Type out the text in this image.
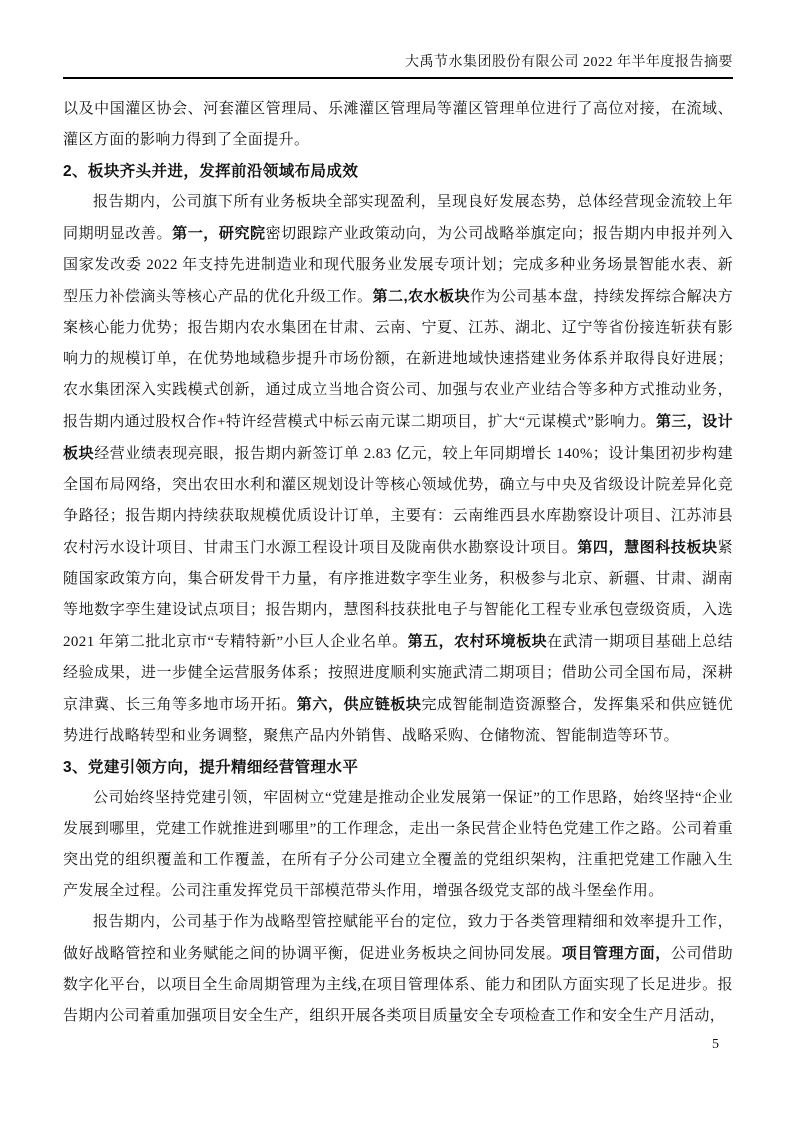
大禹节水集团股份有限公司 2022 年半年度报告摘要

以及中国灌区协会、河套灌区管理局、乐滩灌区管理局等灌区管理单位进行了高位对接，在流域、灌区方面的影响力得到了全面提升。

2、板块齐头并进，发挥前沿领域布局成效

报告期内，公司旗下所有业务板块全部实现盈利，呈现良好发展态势，总体经营现金流较上年同期明显改善。第一，研究院密切跟踪产业政策动向，为公司战略举旗定向；报告期内申报并列入国家发改委 2022 年支持先进制造业和现代服务业发展专项计划；完成多种业务场景智能水表、新型压力补偿滴头等核心产品的优化升级工作。第二,农水板块作为公司基本盘，持续发挥综合解决方案核心能力优势；报告期内农水集团在甘肃、云南、宁夏、江苏、湖北、辽宁等省份接连斩获有影响力的规模订单，在优势地域稳步提升市场份额，在新进地域快速搭建业务体系并取得良好进展；农水集团深入实践模式创新，通过成立当地合资公司、加强与农业产业结合等多种方式推动业务，报告期内通过股权合作+特许经营模式中标云南元谋二期项目，扩大“元谋模式”影响力。第三，设计板块经营业绩表现亮眼，报告期内新签订单 2.83 亿元，较上年同期增长 140%；设计集团初步构建全国布局网络，突出农田水利和灌区规划设计等核心领域优势，确立与中央及省级设计院差异化竞争路径；报告期内持续获取规模优质设计订单，主要有：云南维西县水库勘察设计项目、江苏沛县农村污水设计项目、甘肃玉门水源工程设计项目及陇南供水勘察设计项目。第四，慧图科技板块紧随国家政策方向，集合研发骨干力量，有序推进数字孪生业务，积极参与北京、新疆、甘肃、湖南等地数字孪生建设试点项目；报告期内，慧图科技获批电子与智能化工程专业承包壹级资质，入选 2021 年第二批北京市“专精特新”小巨人企业名单。第五，农村环境板块在武清一期项目基础上总结经验成果，进一步健全运营服务体系；按照进度顺利实施武清二期项目；借助公司全国布局，深耕京津冀、长三角等多地市场开拓。第六，供应链板块完成智能制造资源整合，发挥集采和供应链优势进行战略转型和业务调整，聚焦产品内外销售、战略采购、仓储物流、智能制造等环节。

3、党建引领方向，提升精细经营管理水平

公司始终坚持党建引领，牢固树立“党建是推动企业发展第一保证”的工作思路，始终坚持“企业发展到哪里，党建工作就推进到哪里”的工作理念，走出一条民营企业特色党建工作之路。公司着重突出党的组织覆盖和工作覆盖，在所有子分公司建立全覆盖的党组织架构，注重把党建工作融入生产发展全过程。公司注重发挥党员干部模范带头作用，增强各级党支部的战斗堡垒作用。

报告期内，公司基于作为战略型管控赋能平台的定位，致力于各类管理精细和效率提升工作，做好战略管控和业务赋能之间的协调平衡，促进业务板块之间协同发展。项目管理方面，公司借助数字化平台，以项目全生命周期管理为主线,在项目管理体系、能力和团队方面实现了长足进步。报告期内公司着重加强项目安全生产，组织开展各类项目质量安全专项检查工作和安全生产月活动，

5
